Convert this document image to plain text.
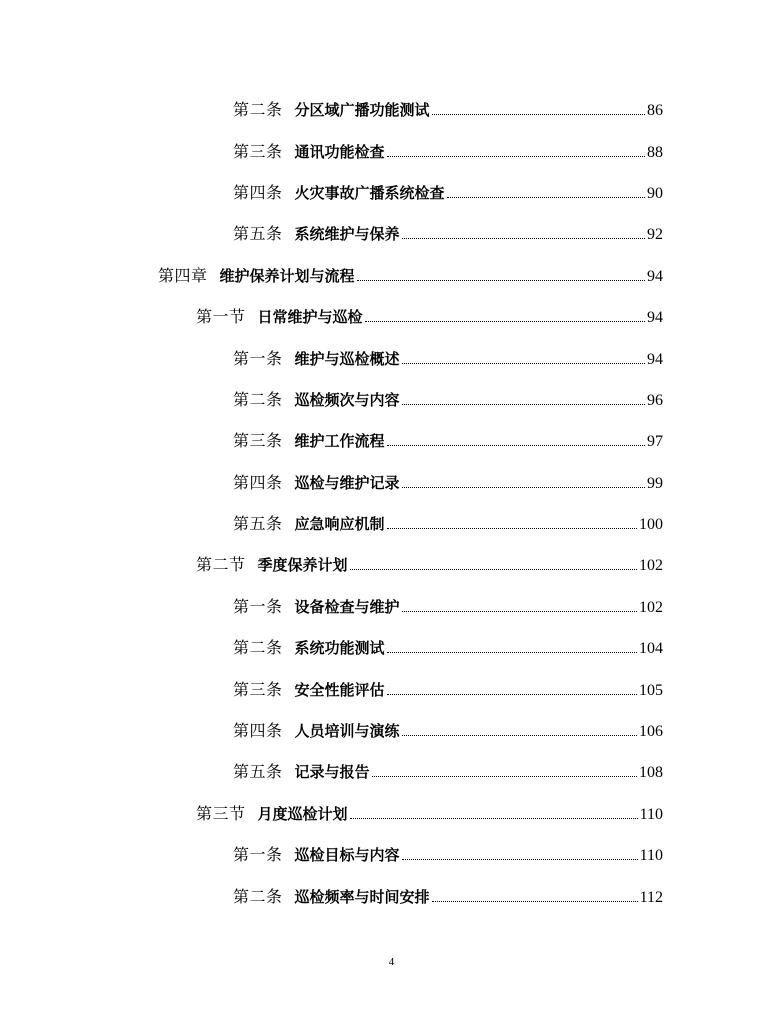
第二条 分区域广播功能测试	86
第三条 通讯功能检查	88
第四条 火灾事故广播系统检查	90
第五条 系统维护与保养	92
第四章 维护保养计划与流程	94
第一节 日常维护与巡检	94
第一条 维护与巡检概述	94
第二条 巡检频次与内容	96
第三条 维护工作流程	97
第四条 巡检与维护记录	99
第五条 应急响应机制	100
第二节 季度保养计划	102
第一条 设备检查与维护	102
第二条 系统功能测试	104
第三条 安全性能评估	105
第四条 人员培训与演练	106
第五条 记录与报告	108
第三节 月度巡检计划	110
第一条 巡检目标与内容	110
第二条 巡检频率与时间安排	112
4
